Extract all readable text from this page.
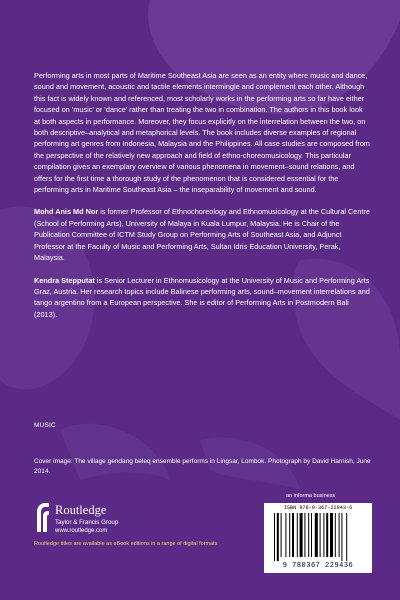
Performing arts in most parts of Maritime Southeast Asia are seen as an entity where music and dance, sound and movement, acoustic and tactile elements intermingle and complement each other. Although this fact is widely known and referenced, most scholarly works in the performing arts so far have either focused on ‘music’ or ‘dance’ rather than treating the two in combination. The authors in this book look at both aspects in performance. Moreover, they focus explicitly on the interrelation between the two, on both descriptive–analytical and metaphorical levels. The book includes diverse examples of regional performing art genres from Indonesia, Malaysia and the Philippines. All case studies are composed from the perspective of the relatively new approach and field of ethno-choreomusicology. This particular compilation gives an exemplary overview of various phenomena in movement–sound relations, and offers for the first time a thorough study of the phenomenon that is considered essential for the performing arts in Maritime Southeast Asia – the inseparability of movement and sound.

Mohd Anis Md Nor is former Professor of Ethnochoreology and Ethnomusicology at the Cultural Centre (School of Performing Arts), University of Malaya in Kuala Lumpur, Malaysia. He is Chair of the Publication Committee of ICTM Study Group on Performing Arts of Southeast Asia, and Adjunct Professor at the Faculty of Music and Performing Arts, Sultan Idris Education University, Perak, Malaysia.

Kendra Stepputat is Senior Lecturer in Ethnomusicology at the University of Music and Performing Arts Graz, Austria. Her research topics include Balinese performing arts, sound–movement interrelations and tango argentino from a European perspective. She is editor of Performing Arts in Postmodern Bali (2013).

MUSIC
Cover image: The village gendang beleq ensemble performs in Lingsar, Lombok. Photograph by David Harnish, June 2014.
an informa business
ISBN 978-0-367-22943-6
9 780367 229436
Routledge
Taylor & Francis Group
www.routledge.com
Routledge titles are available as eBook editions in a range of digital formats
